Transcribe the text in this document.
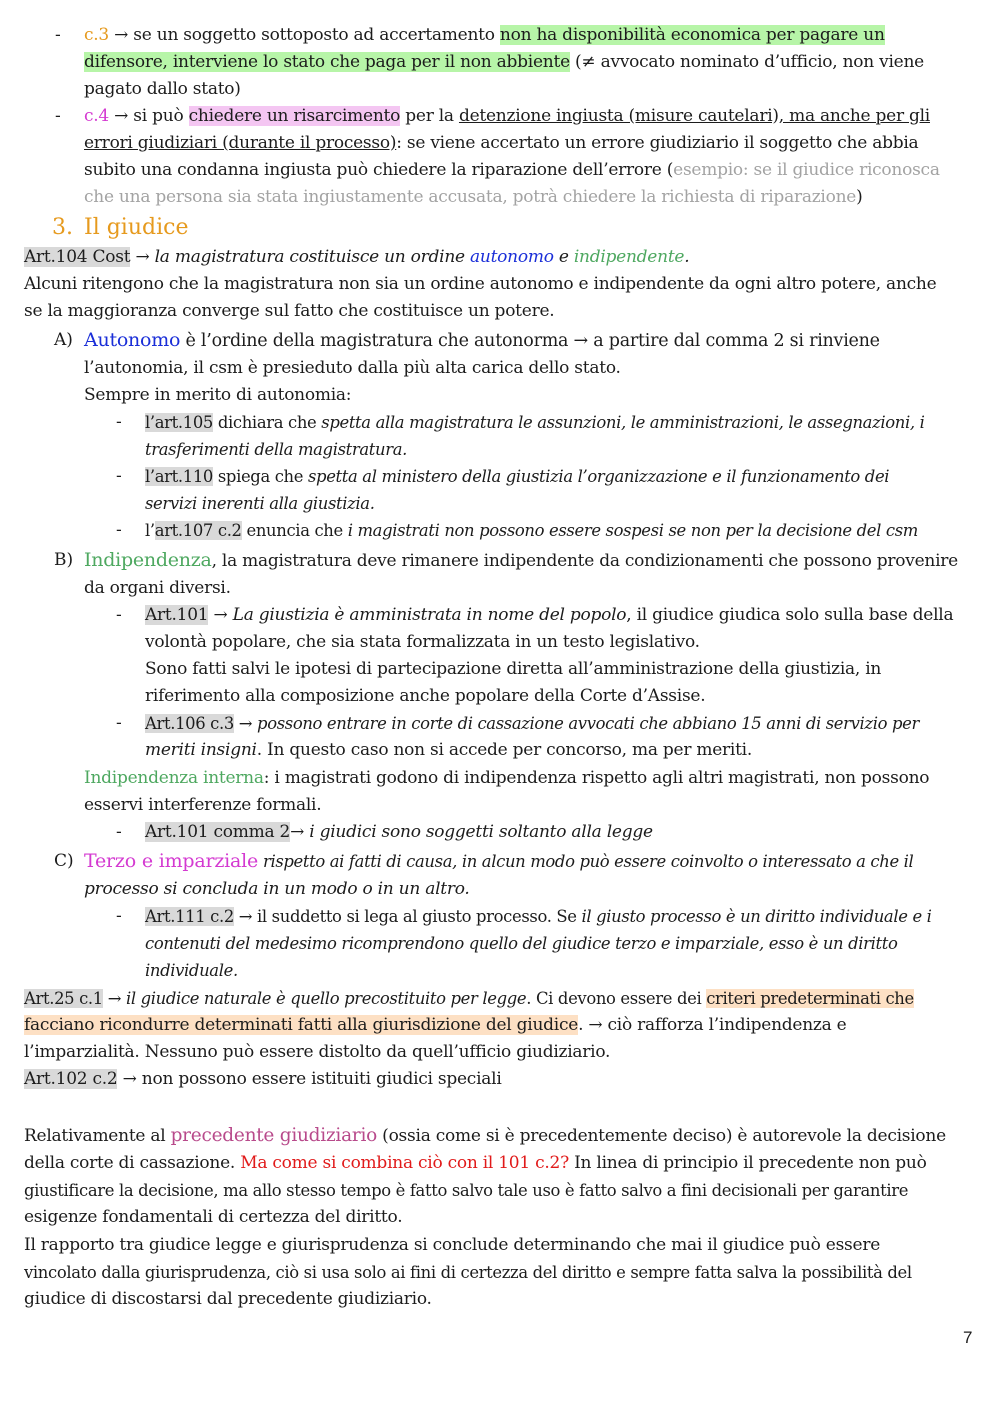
- c.3 → se un soggetto sottoposto ad accertamento non ha disponibilità economica per pagare un
difensore, interviene lo stato che paga per il non abbiente (≠ avvocato nominato d’ufficio, non viene
pagato dallo stato)
- c.4 → si può chiedere un risarcimento per la detenzione ingiusta (misure cautelari), ma anche per gli
errori giudiziari (durante il processo): se viene accertato un errore giudiziario il soggetto che abbia
subito una condanna ingiusta può chiedere la riparazione dell’errore (esempio: se il giudice riconosca
che una persona sia stata ingiustamente accusata, potrà chiedere la richiesta di riparazione)
3. Il giudice
Art.104 Cost → la magistratura costituisce un ordine autonomo e indipendente.
Alcuni ritengono che la magistratura non sia un ordine autonomo e indipendente da ogni altro potere, anche
se la maggioranza converge sul fatto che costituisce un potere.
A) Autonomo è l’ordine della magistratura che autonorma → a partire dal comma 2 si rinviene
l’autonomia, il csm è presieduto dalla più alta carica dello stato.
Sempre in merito di autonomia:
- l’art.105 dichiara che spetta alla magistratura le assunzioni, le amministrazioni, le assegnazioni, i
trasferimenti della magistratura.
- l’art.110 spiega che spetta al ministero della giustizia l’organizzazione e il funzionamento dei
servizi inerenti alla giustizia.
- l’art.107 c.2 enuncia che i magistrati non possono essere sospesi se non per la decisione del csm
B) Indipendenza, la magistratura deve rimanere indipendente da condizionamenti che possono provenire
da organi diversi.
- Art.101 → La giustizia è amministrata in nome del popolo, il giudice giudica solo sulla base della
volontà popolare, che sia stata formalizzata in un testo legislativo.
Sono fatti salvi le ipotesi di partecipazione diretta all’amministrazione della giustizia, in
riferimento alla composizione anche popolare della Corte d’Assise.
- Art.106 c.3 → possono entrare in corte di cassazione avvocati che abbiano 15 anni di servizio per
meriti insigni. In questo caso non si accede per concorso, ma per meriti.
Indipendenza interna: i magistrati godono di indipendenza rispetto agli altri magistrati, non possono
esservi interferenze formali.
- Art.101 comma 2→ i giudici sono soggetti soltanto alla legge
C) Terzo e imparziale rispetto ai fatti di causa, in alcun modo può essere coinvolto o interessato a che il
processo si concluda in un modo o in un altro.
- Art.111 c.2 → il suddetto si lega al giusto processo. Se il giusto processo è un diritto individuale e i
contenuti del medesimo ricomprendono quello del giudice terzo e imparziale, esso è un diritto
individuale.
Art.25 c.1 → il giudice naturale è quello precostituito per legge. Ci devono essere dei criteri predeterminati che
facciano ricondurre determinati fatti alla giurisdizione del giudice. → ciò rafforza l’indipendenza e
l’imparzialità. Nessuno può essere distolto da quell’ufficio giudiziario.
Art.102 c.2 → non possono essere istituiti giudici speciali
Relativamente al precedente giudiziario (ossia come si è precedentemente deciso) è autorevole la decisione
della corte di cassazione. Ma come si combina ciò con il 101 c.2? In linea di principio il precedente non può
giustificare la decisione, ma allo stesso tempo è fatto salvo tale uso è fatto salvo a fini decisionali per garantire
esigenze fondamentali di certezza del diritto.
Il rapporto tra giudice legge e giurisprudenza si conclude determinando che mai il giudice può essere
vincolato dalla giurisprudenza, ciò si usa solo ai fini di certezza del diritto e sempre fatta salva la possibilità del
giudice di discostarsi dal precedente giudiziario.
7
